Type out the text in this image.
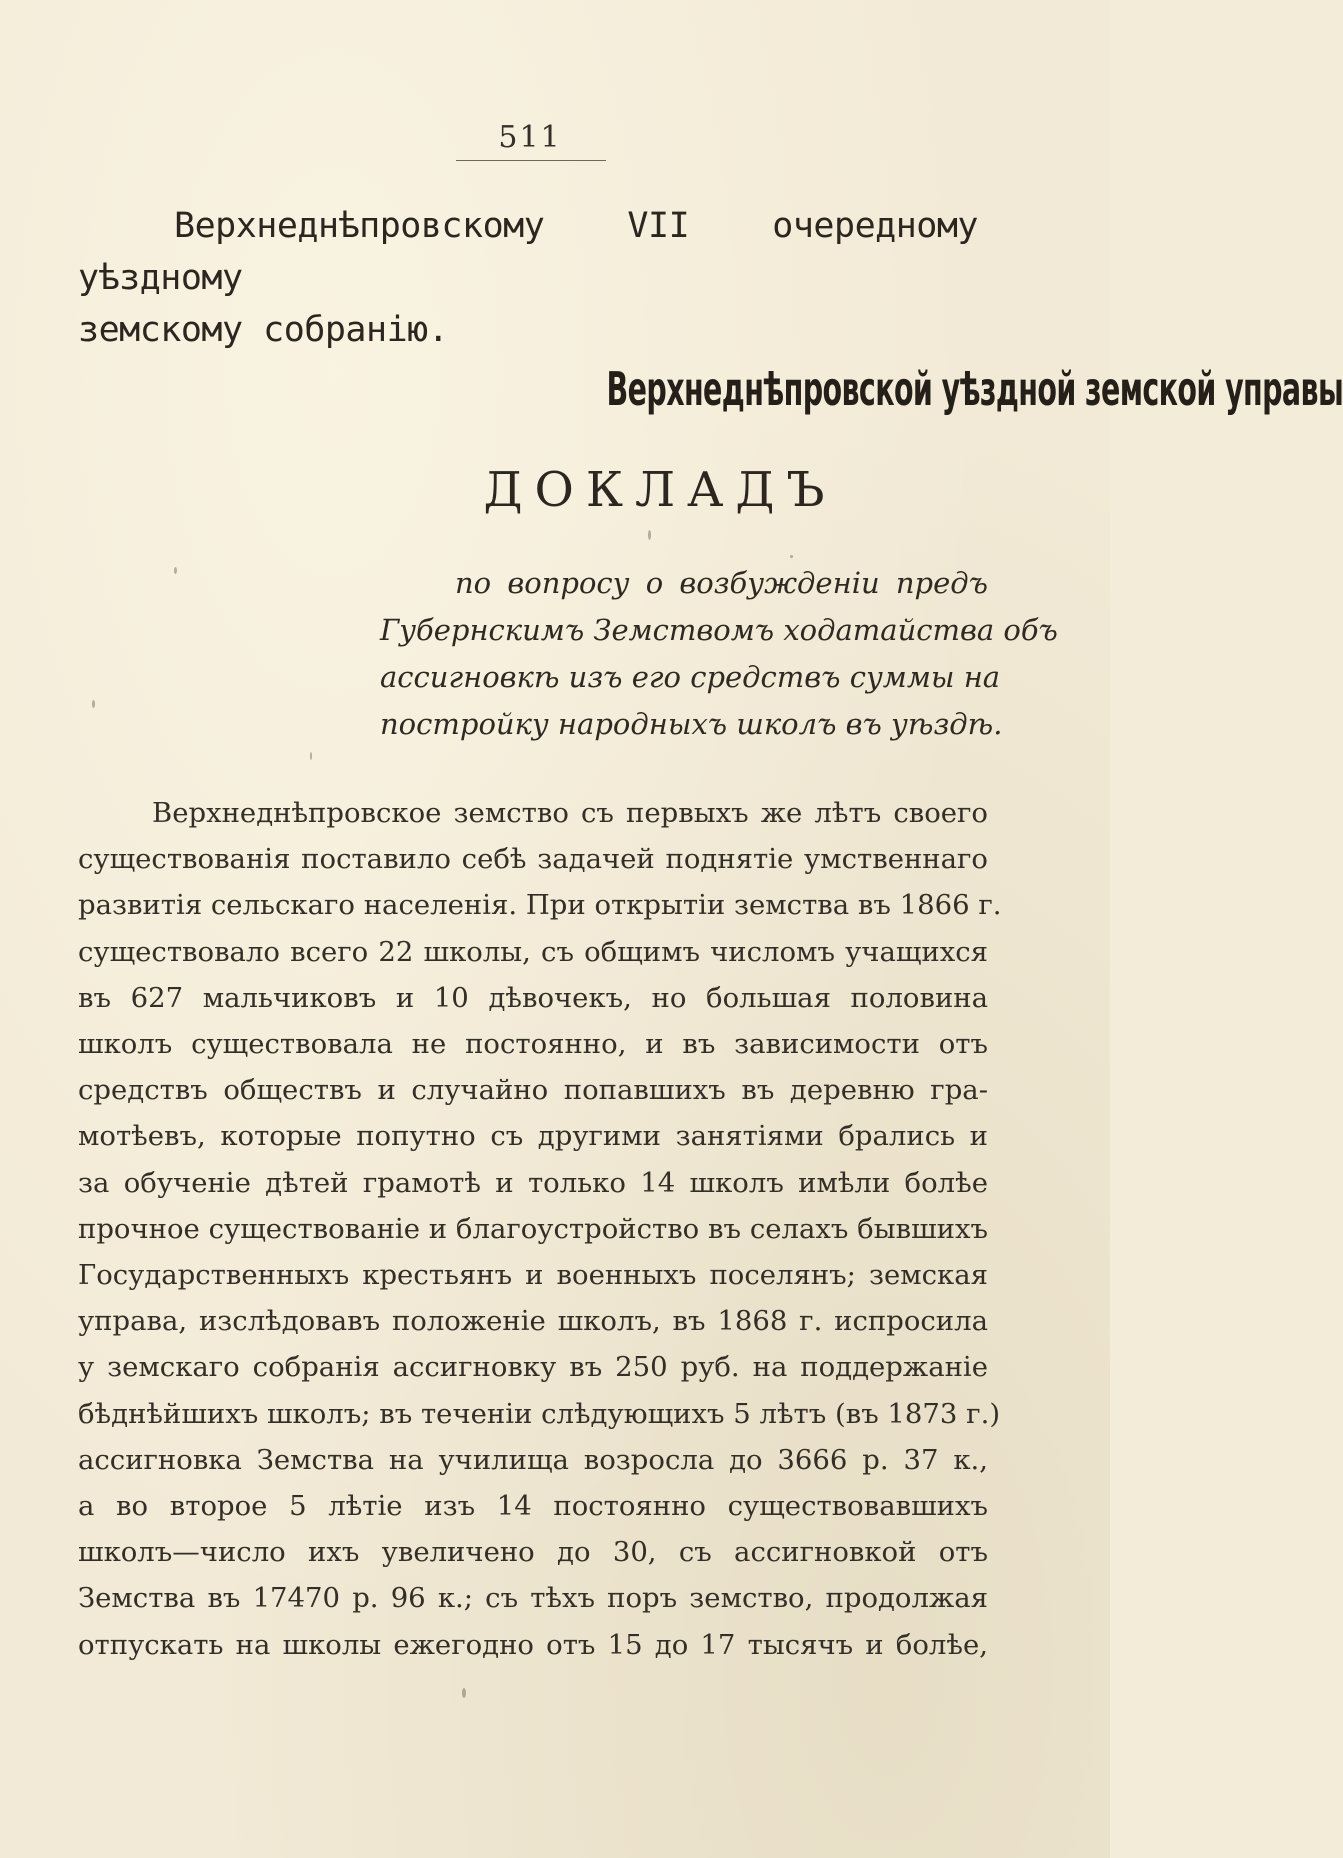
511
Верхнеднѣпровскому VII очередному уѣздному
земскому собранію.
Верхнеднѣпровской уѣздной земской управы
ДОКЛАДЪ
по вопросу о возбужденіи предъ
Губернскимъ Земствомъ ходатайства объ
ассигновкѣ изъ его средствъ суммы на
постройку народныхъ школъ въ уѣздѣ.
Верхнеднѣпровское земство съ первыхъ же лѣтъ своего
существованія поставило себѣ задачей поднятіе умственнаго
развитія сельскаго населенія. При открытіи земства въ 1866 г.
существовало всего 22 школы, съ общимъ числомъ учащихся
въ 627 мальчиковъ и 10 дѣвочекъ, но большая половина
школъ существовала не постоянно, и въ зависимости отъ
средствъ обществъ и случайно попавшихъ въ деревню гра-
мотѣевъ, которые попутно съ другими занятіями брались и
за обученіе дѣтей грамотѣ и только 14 школъ имѣли болѣе
прочное существованіе и благоустройство въ селахъ бывшихъ
Государственныхъ крестьянъ и военныхъ поселянъ; земская
управа, изслѣдовавъ положеніе школъ, въ 1868 г. испросила
у земскаго собранія ассигновку въ 250 руб. на поддержаніе
бѣднѣйшихъ школъ; въ теченіи слѣдующихъ 5 лѣтъ (въ 1873 г.)
ассигновка Земства на училища возросла до 3666 р. 37 к.,
а во второе 5 лѣтіе изъ 14 постоянно существовавшихъ
школъ—число ихъ увеличено до 30, съ ассигновкой отъ
Земства въ 17470 р. 96 к.; съ тѣхъ поръ земство, продолжая
отпускать на школы ежегодно отъ 15 до 17 тысячъ и болѣе,
